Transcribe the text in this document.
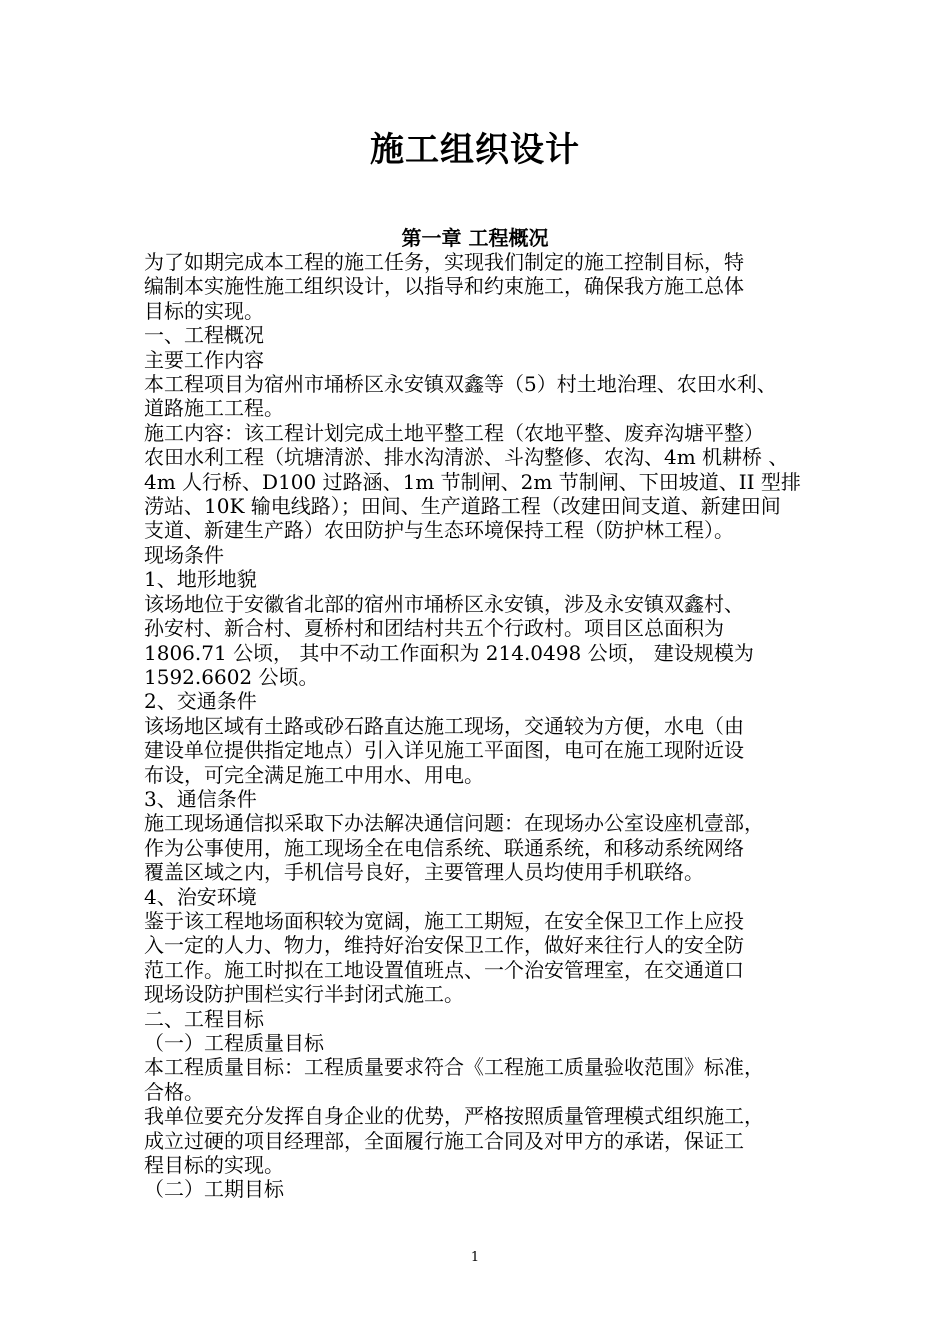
施工组织设计
第一章 工程概况
为了如期完成本工程的施工任务，实现我们制定的施工控制目标，特
编制本实施性施工组织设计，以指导和约束施工，确保我方施工总体
目标的实现。
一、工程概况
主要工作内容
本工程项目为宿州市埇桥区永安镇双鑫等（5）村土地治理、农田水利、
道路施工工程。
施工内容：该工程计划完成土地平整工程（农地平整、废弃沟塘平整）
农田水利工程（坑塘清淤、排水沟清淤、斗沟整修、农沟、4m 机耕桥 、
4m 人行桥、D100 过路涵、1m 节制闸、2m 节制闸、下田坡道、II 型排
涝站、10K 输电线路）；田间、生产道路工程（改建田间支道、新建田间
支道、新建生产路）农田防护与生态环境保持工程（防护林工程）。
现场条件
1、地形地貌
该场地位于安徽省北部的宿州市埇桥区永安镇，涉及永安镇双鑫村、
孙安村、新合村、夏桥村和团结村共五个行政村。项目区总面积为
1806.71 公顷， 其中不动工作面积为 214.0498 公顷， 建设规模为
1592.6602 公顷。
2、交通条件
该场地区域有土路或砂石路直达施工现场，交通较为方便，水电（由
建设单位提供指定地点）引入详见施工平面图，电可在施工现附近设
布设，可完全满足施工中用水、用电。
3、通信条件
施工现场通信拟采取下办法解决通信问题：在现场办公室设座机壹部，
作为公事使用，施工现场全在电信系统、联通系统，和移动系统网络
覆盖区域之内，手机信号良好，主要管理人员均使用手机联络。
4、治安环境
鉴于该工程地场面积较为宽阔，施工工期短，在安全保卫工作上应投
入一定的人力、物力，维持好治安保卫工作，做好来往行人的安全防
范工作。施工时拟在工地设置值班点、一个治安管理室，在交通道口
现场设防护围栏实行半封闭式施工。
二、工程目标
（一）工程质量目标
本工程质量目标：工程质量要求符合《工程施工质量验收范围》标准，
合格。
我单位要充分发挥自身企业的优势，严格按照质量管理模式组织施工，
成立过硬的项目经理部，全面履行施工合同及对甲方的承诺，保证工
程目标的实现。
（二）工期目标
1
